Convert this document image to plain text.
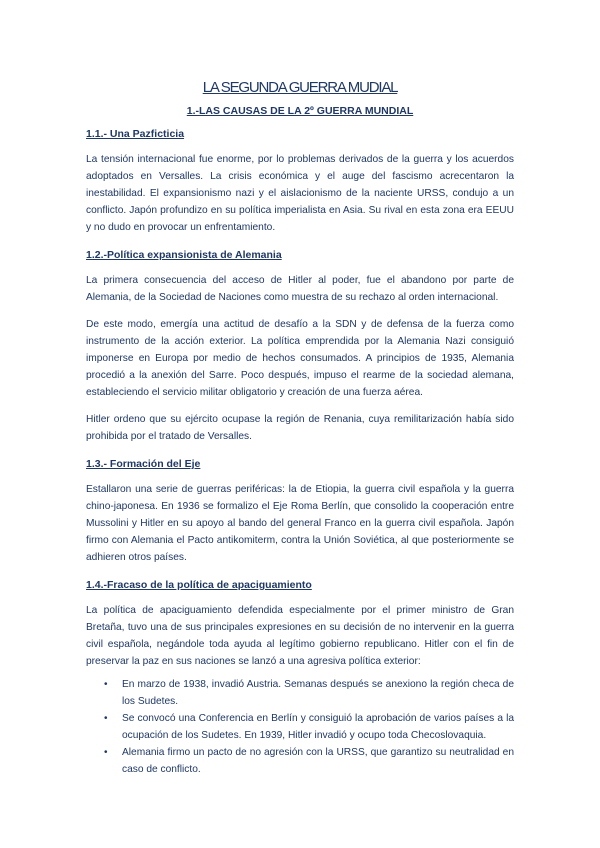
LA SEGUNDA GUERRA MUDIAL
1.-LAS CAUSAS DE LA 2º GUERRA MUNDIAL
1.1.- Una Pazficticia

La tensión internacional fue enorme, por lo problemas derivados de la guerra y los acuerdos adoptados en Versalles. La crisis económica y el auge del fascismo acrecentaron la inestabilidad. El expansionismo nazi y el aislacionismo de la naciente URSS, condujo a un conflicto. Japón profundizo en su política imperialista en Asia. Su rival en esta zona era EEUU y no dudo en provocar un enfrentamiento.

1.2.-Política expansionista de Alemania

La primera consecuencia del acceso de Hitler al poder, fue el abandono por parte de Alemania, de la Sociedad de Naciones como muestra de su rechazo al orden internacional.

De este modo, emergía una actitud de desafío a la SDN y de defensa de la fuerza como instrumento de la acción exterior. La política emprendida por la Alemania Nazi consiguió imponerse en Europa por medio de hechos consumados. A principios de 1935, Alemania procedió a la anexión del Sarre. Poco después, impuso el rearme de la sociedad alemana, estableciendo el servicio militar obligatorio y creación de una fuerza aérea.

Hitler ordeno que su ejército ocupase la región de Renania, cuya remilitarización había sido prohibida por el tratado de Versalles.

1.3.- Formación del Eje

Estallaron una serie de guerras periféricas: la de Etiopia, la guerra civil española y la guerra chino-japonesa. En 1936 se formalizo el Eje Roma Berlín, que consolido la cooperación entre Mussolini y Hitler en su apoyo al bando del general Franco en la guerra civil española. Japón firmo con Alemania el Pacto antikomiterm, contra la Unión Soviética, al que posteriormente se adhieren otros países.

1.4.-Fracaso de la política de apaciguamiento

La política de apaciguamiento defendida especialmente por el primer ministro de Gran Bretaña, tuvo una de sus principales expresiones en su decisión de no intervenir en la guerra civil española, negándole toda ayuda al legítimo gobierno republicano. Hitler con el fin de preservar la paz en sus naciones se lanzó a una agresiva política exterior:

• En marzo de 1938, invadió Austria. Semanas después se anexiono la región checa de los Sudetes.
• Se convocó una Conferencia en Berlín y consiguió la aprobación de varios países a la ocupación de los Sudetes. En 1939, Hitler invadió y ocupo toda Checoslovaquia.
• Alemania firmo un pacto de no agresión con la URSS, que garantizo su neutralidad en caso de conflicto.
